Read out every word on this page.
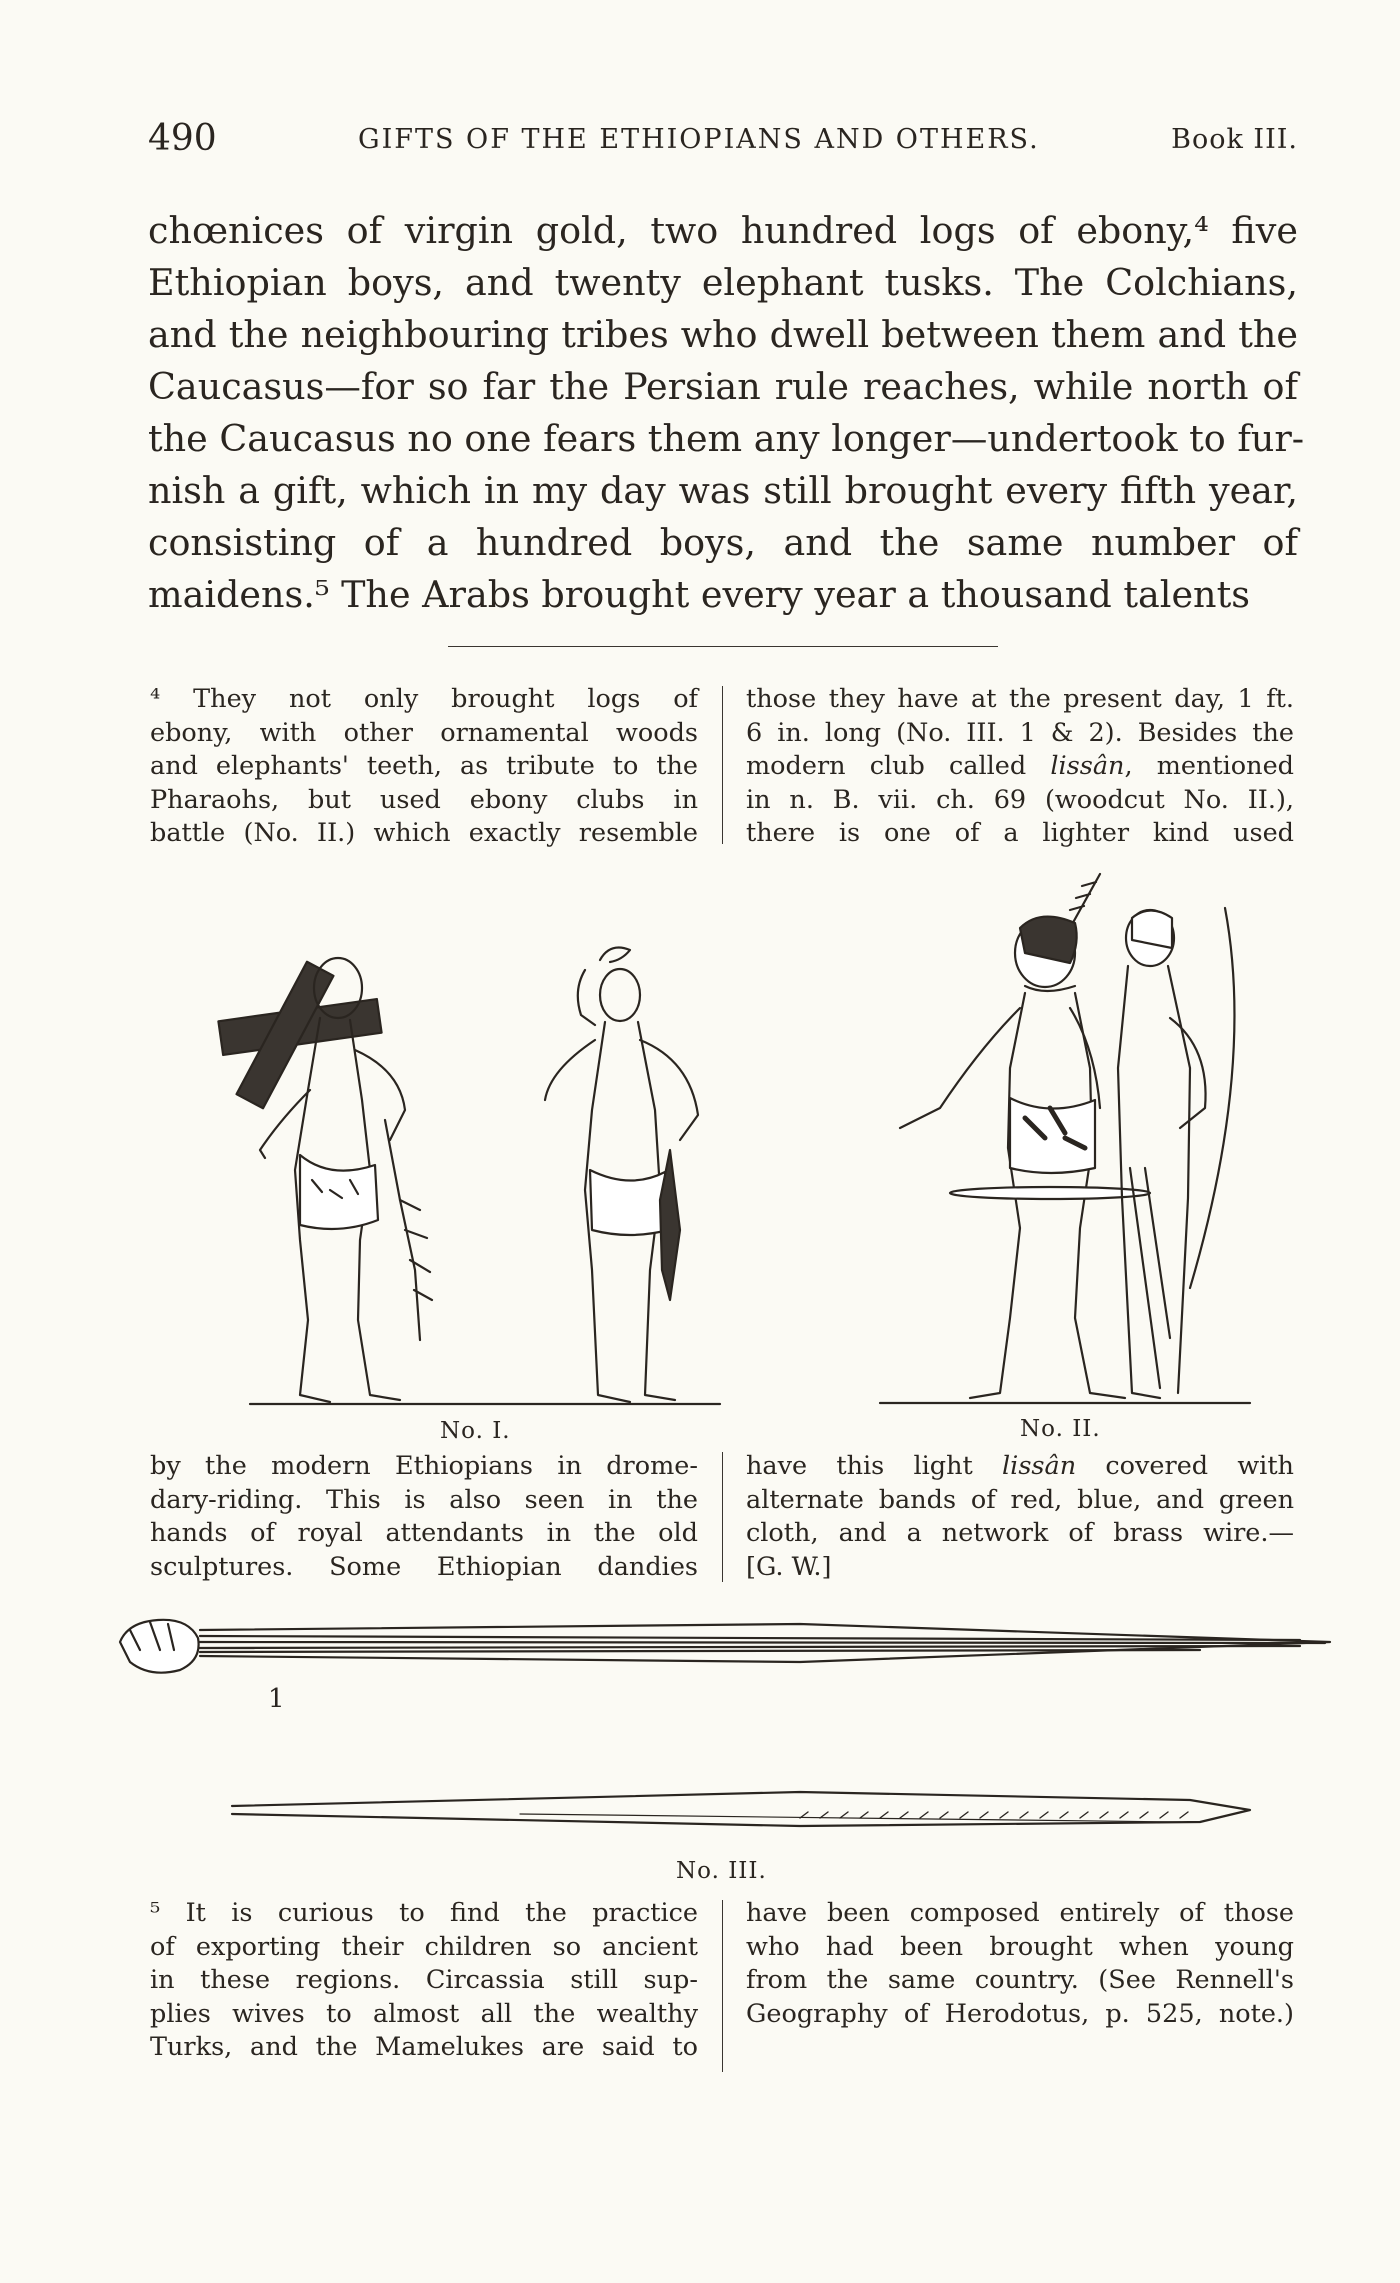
490	GIFTS OF THE ETHIOPIANS AND OTHERS.	Book III.
chœnices of virgin gold, two hundred logs of ebony,⁴ five
Ethiopian boys, and twenty elephant tusks. The Colchians,
and the neighbouring tribes who dwell between them and the
Caucasus—for so far the Persian rule reaches, while north of
the Caucasus no one fears them any longer—undertook to fur-
nish a gift, which in my day was still brought every fifth year,
consisting of a hundred boys, and the same number of
maidens.⁵ The Arabs brought every year a thousand talents
⁴ They not only brought logs of
ebony, with other ornamental woods
and elephants' teeth, as tribute to the
Pharaohs, but used ebony clubs in
battle (No. II.) which exactly resemble
those they have at the present day, 1 ft.
6 in. long (No. III. 1 & 2). Besides the
modern club called lissân, mentioned
in n. B. vii. ch. 69 (woodcut No. II.),
there is one of a lighter kind used
No. I.	No. II.
by the modern Ethiopians in drome-
dary-riding. This is also seen in the
hands of royal attendants in the old
sculptures. Some Ethiopian dandies
have this light lissân covered with
alternate bands of red, blue, and green
cloth, and a network of brass wire.—
[G. W.]
1
No. III.
⁵ It is curious to find the practice
of exporting their children so ancient
in these regions. Circassia still sup-
plies wives to almost all the wealthy
Turks, and the Mamelukes are said to
have been composed entirely of those
who had been brought when young
from the same country. (See Rennell's
Geography of Herodotus, p. 525, note.)
